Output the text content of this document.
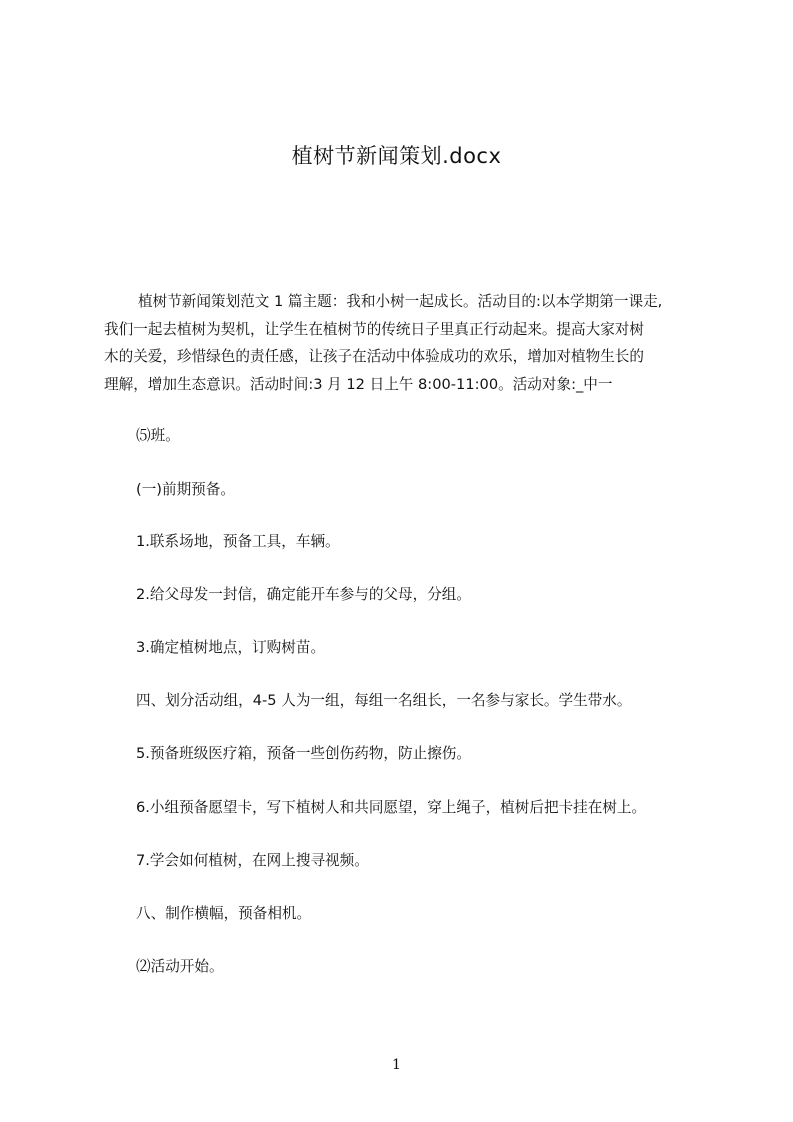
植树节新闻策划.docx
植树节新闻策划范文 1 篇主题：我和小树一起成长。活动目的:以本学期第一课走,
我们一起去植树为契机，让学生在植树节的传统日子里真正行动起来。提高大家对树
木的关爱，珍惜绿色的责任感，让孩子在活动中体验成功的欢乐，增加对植物生长的
理解，增加生态意识。活动时间:3 月 12 日上午 8:00-11:00。活动对象:_中一
⑸班。
(一)前期预备。
1.联系场地，预备工具，车辆。
2.给父母发一封信，确定能开车参与的父母，分组。
3.确定植树地点，订购树苗。
四、划分活动组，4-5 人为一组，每组一名组长，一名参与家长。学生带水。
5.预备班级医疗箱，预备一些创伤药物，防止擦伤。
6.小组预备愿望卡，写下植树人和共同愿望，穿上绳子，植树后把卡挂在树上。
7.学会如何植树，在网上搜寻视频。
八、制作横幅，预备相机。
⑵活动开始。
1
